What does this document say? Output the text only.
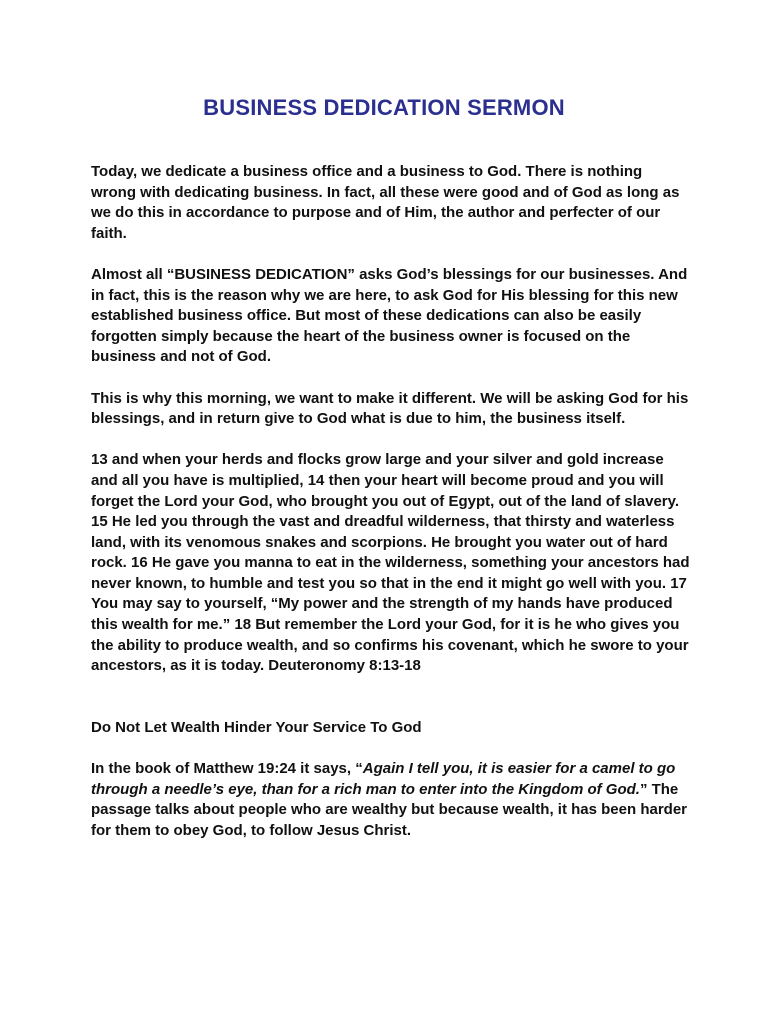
BUSINESS DEDICATION SERMON

Today, we dedicate a business office and a business to God. There is nothing wrong with dedicating business. In fact, all these were good and of God as long as we do this in accordance to purpose and of Him, the author and perfecter of our faith.

Almost all “BUSINESS DEDICATION” asks God’s blessings for our businesses. And in fact, this is the reason why we are here, to ask God for His blessing for this new established business office. But most of these dedications can also be easily forgotten simply because the heart of the business owner is focused on the business and not of God.

This is why this morning, we want to make it different. We will be asking God for his blessings, and in return give to God what is due to him, the business itself.

13 and when your herds and flocks grow large and your silver and gold increase and all you have is multiplied, 14 then your heart will become proud and you will forget the Lord your God, who brought you out of Egypt, out of the land of slavery. 15 He led you through the vast and dreadful wilderness, that thirsty and waterless land, with its venomous snakes and scorpions. He brought you water out of hard rock. 16 He gave you manna to eat in the wilderness, something your ancestors had never known, to humble and test you so that in the end it might go well with you. 17 You may say to yourself, “My power and the strength of my hands have produced this wealth for me.” 18 But remember the Lord your God, for it is he who gives you the ability to produce wealth, and so confirms his covenant, which he swore to your ancestors, as it is today. Deuteronomy 8:13-18

Do Not Let Wealth Hinder Your Service To God

In the book of Matthew 19:24 it says, “Again I tell you, it is easier for a camel to go through a needle’s eye, than for a rich man to enter into the Kingdom of God.” The passage talks about people who are wealthy but because wealth, it has been harder for them to obey God, to follow Jesus Christ.
